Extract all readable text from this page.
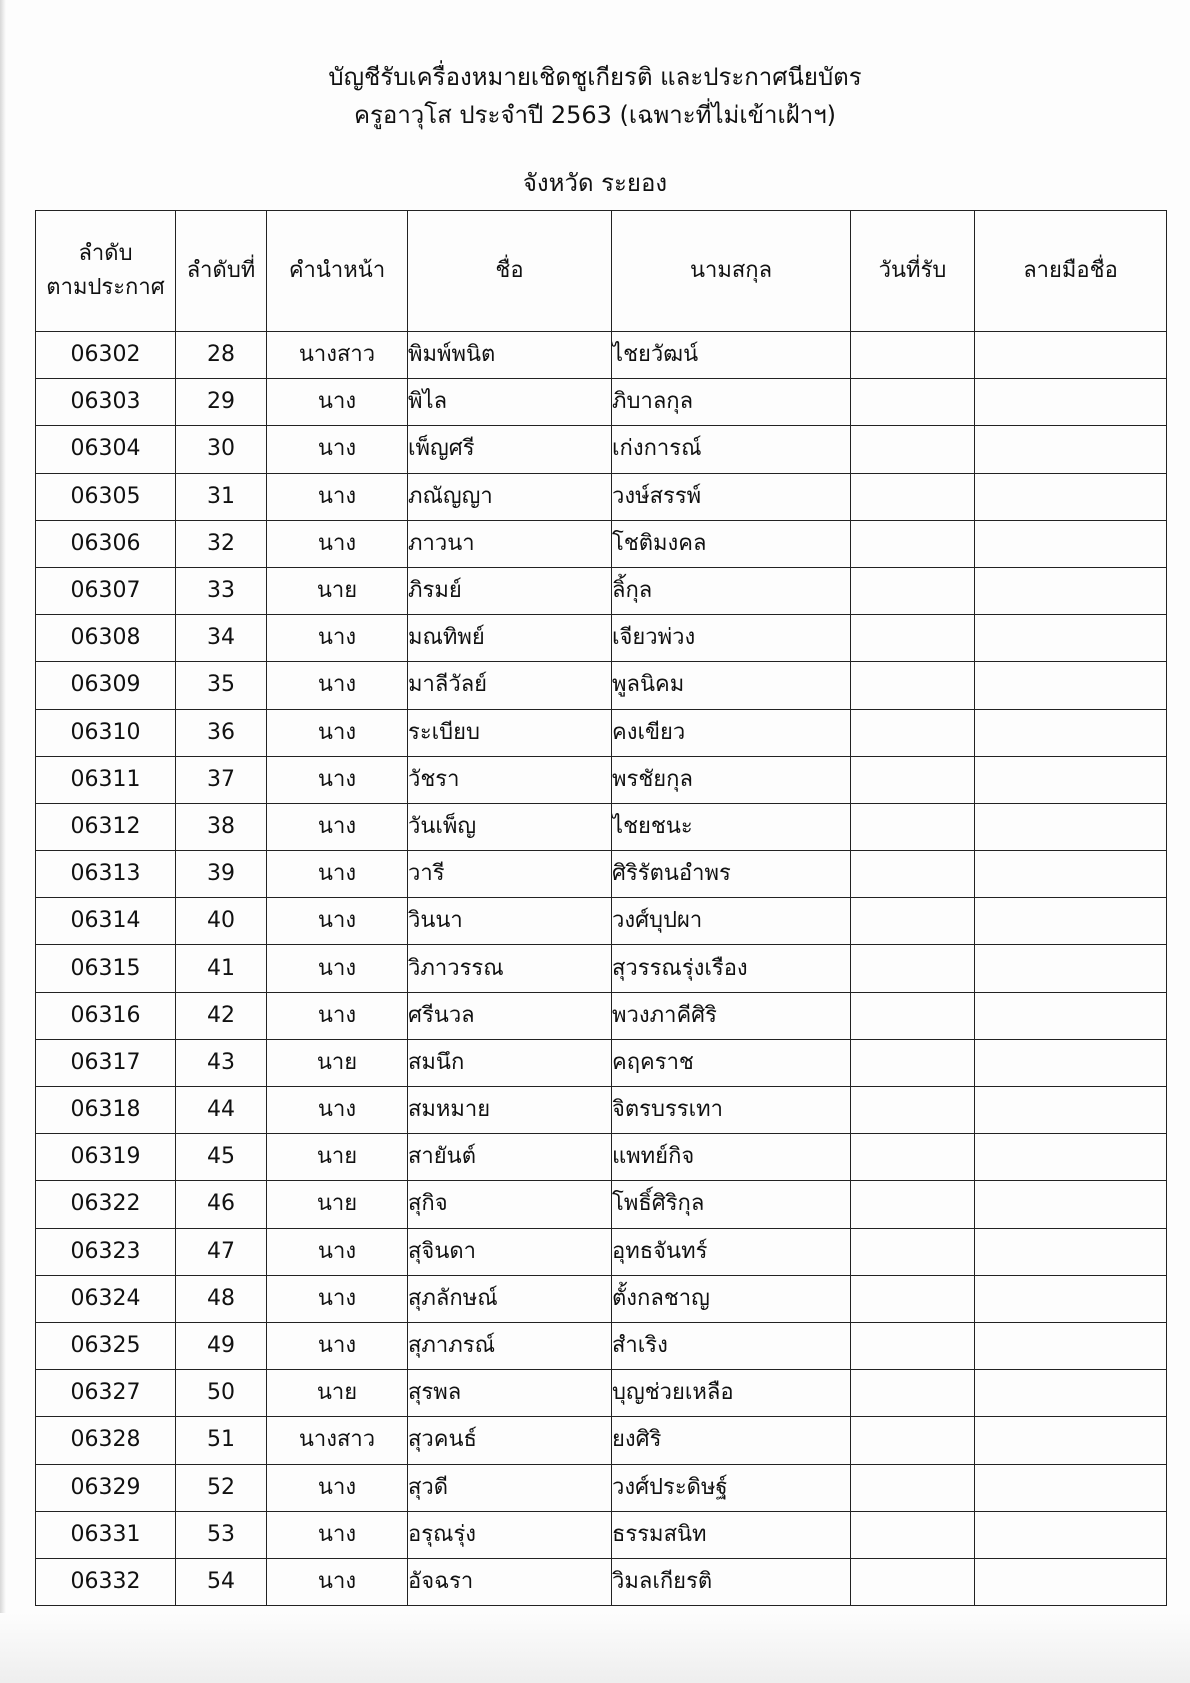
บัญชีรับเครื่องหมายเชิดชูเกียรติ และประกาศนียบัตร
ครูอาวุโส ประจำปี 2563 (เฉพาะที่ไม่เข้าเฝ้าฯ)
จังหวัด ระยอง
ลำดับ
ตามประกาศ	ลำดับที่	คำนำหน้า	ชื่อ	นามสกุล	วันที่รับ	ลายมือชื่อ
06302	28	นางสาว	พิมพ์พนิต	ไชยวัฒน์		
06303	29	นาง	พิไล	ภิบาลกุล		
06304	30	นาง	เพ็ญศรี	เก่งการณ์		
06305	31	นาง	ภณัญญา	วงษ์สรรพ์		
06306	32	นาง	ภาวนา	โชติมงคล		
06307	33	นาย	ภิรมย์	ลิ้กุล		
06308	34	นาง	มณทิพย์	เจียวพ่วง		
06309	35	นาง	มาลีวัลย์	พูลนิคม		
06310	36	นาง	ระเบียบ	คงเขียว		
06311	37	นาง	วัชรา	พรชัยกุล		
06312	38	นาง	วันเพ็ญ	ไชยชนะ		
06313	39	นาง	วารี	ศิริรัตนอำพร		
06314	40	นาง	วินนา	วงศ์บุปผา		
06315	41	นาง	วิภาวรรณ	สุวรรณรุ่งเรือง		
06316	42	นาง	ศรีนวล	พวงภาคีศิริ		
06317	43	นาย	สมนึก	คฤคราช		
06318	44	นาง	สมหมาย	จิตรบรรเทา		
06319	45	นาย	สายันต์	แพทย์กิจ		
06322	46	นาย	สุกิจ	โพธิ์ศิริกุล		
06323	47	นาง	สุจินดา	อุทธจันทร์		
06324	48	นาง	สุภลักษณ์	ตั้งกลชาญ		
06325	49	นาง	สุภาภรณ์	สำเริง		
06327	50	นาย	สุรพล	บุญช่วยเหลือ		
06328	51	นางสาว	สุวคนธ์	ยงศิริ		
06329	52	นาง	สุวดี	วงศ์ประดิษฐ์		
06331	53	นาง	อรุณรุ่ง	ธรรมสนิท		
06332	54	นาง	อัจฉรา	วิมลเกียรติ		
